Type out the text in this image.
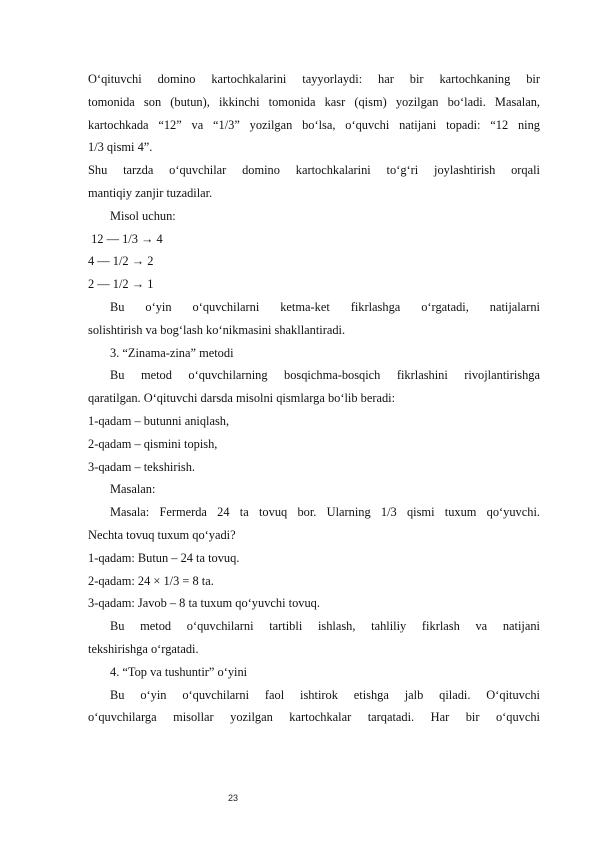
O‘qituvchi domino kartochkalarini tayyorlaydi: har bir kartochkaning bir
tomonida son (butun), ikkinchi tomonida kasr (qism) yozilgan bo‘ladi. Masalan,
kartochkada “12” va “1/3” yozilgan bo‘lsa, o‘quvchi natijani topadi: “12 ning
1/3 qismi 4”.
Shu tarzda o‘quvchilar domino kartochkalarini to‘g‘ri joylashtirish orqali
mantiqiy zanjir tuzadilar.
Misol uchun:
12 — 1/3 → 4
4 — 1/2 → 2
2 — 1/2 → 1
Bu o‘yin o‘quvchilarni ketma-ket fikrlashga o‘rgatadi, natijalarni
solishtirish va bog‘lash ko‘nikmasini shakllantiradi.
3. “Zinama-zina” metodi
Bu metod o‘quvchilarning bosqichma-bosqich fikrlashini rivojlantirishga
qaratilgan. O‘qituvchi darsda misolni qismlarga bo‘lib beradi:
1-qadam – butunni aniqlash,
2-qadam – qismini topish,
3-qadam – tekshirish.
Masalan:
Masala: Fermerda 24 ta tovuq bor. Ularning 1/3 qismi tuxum qo‘yuvchi.
Nechta tovuq tuxum qo‘yadi?
1-qadam: Butun – 24 ta tovuq.
2-qadam: 24 × 1/3 = 8 ta.
3-qadam: Javob – 8 ta tuxum qo‘yuvchi tovuq.
Bu metod o‘quvchilarni tartibli ishlash, tahliliy fikrlash va natijani
tekshirishga o‘rgatadi.
4. “Top va tushuntir” o‘yini
Bu o‘yin o‘quvchilarni faol ishtirok etishga jalb qiladi. O‘qituvchi
o‘quvchilarga misollar yozilgan kartochkalar tarqatadi. Har bir o‘quvchi
23
